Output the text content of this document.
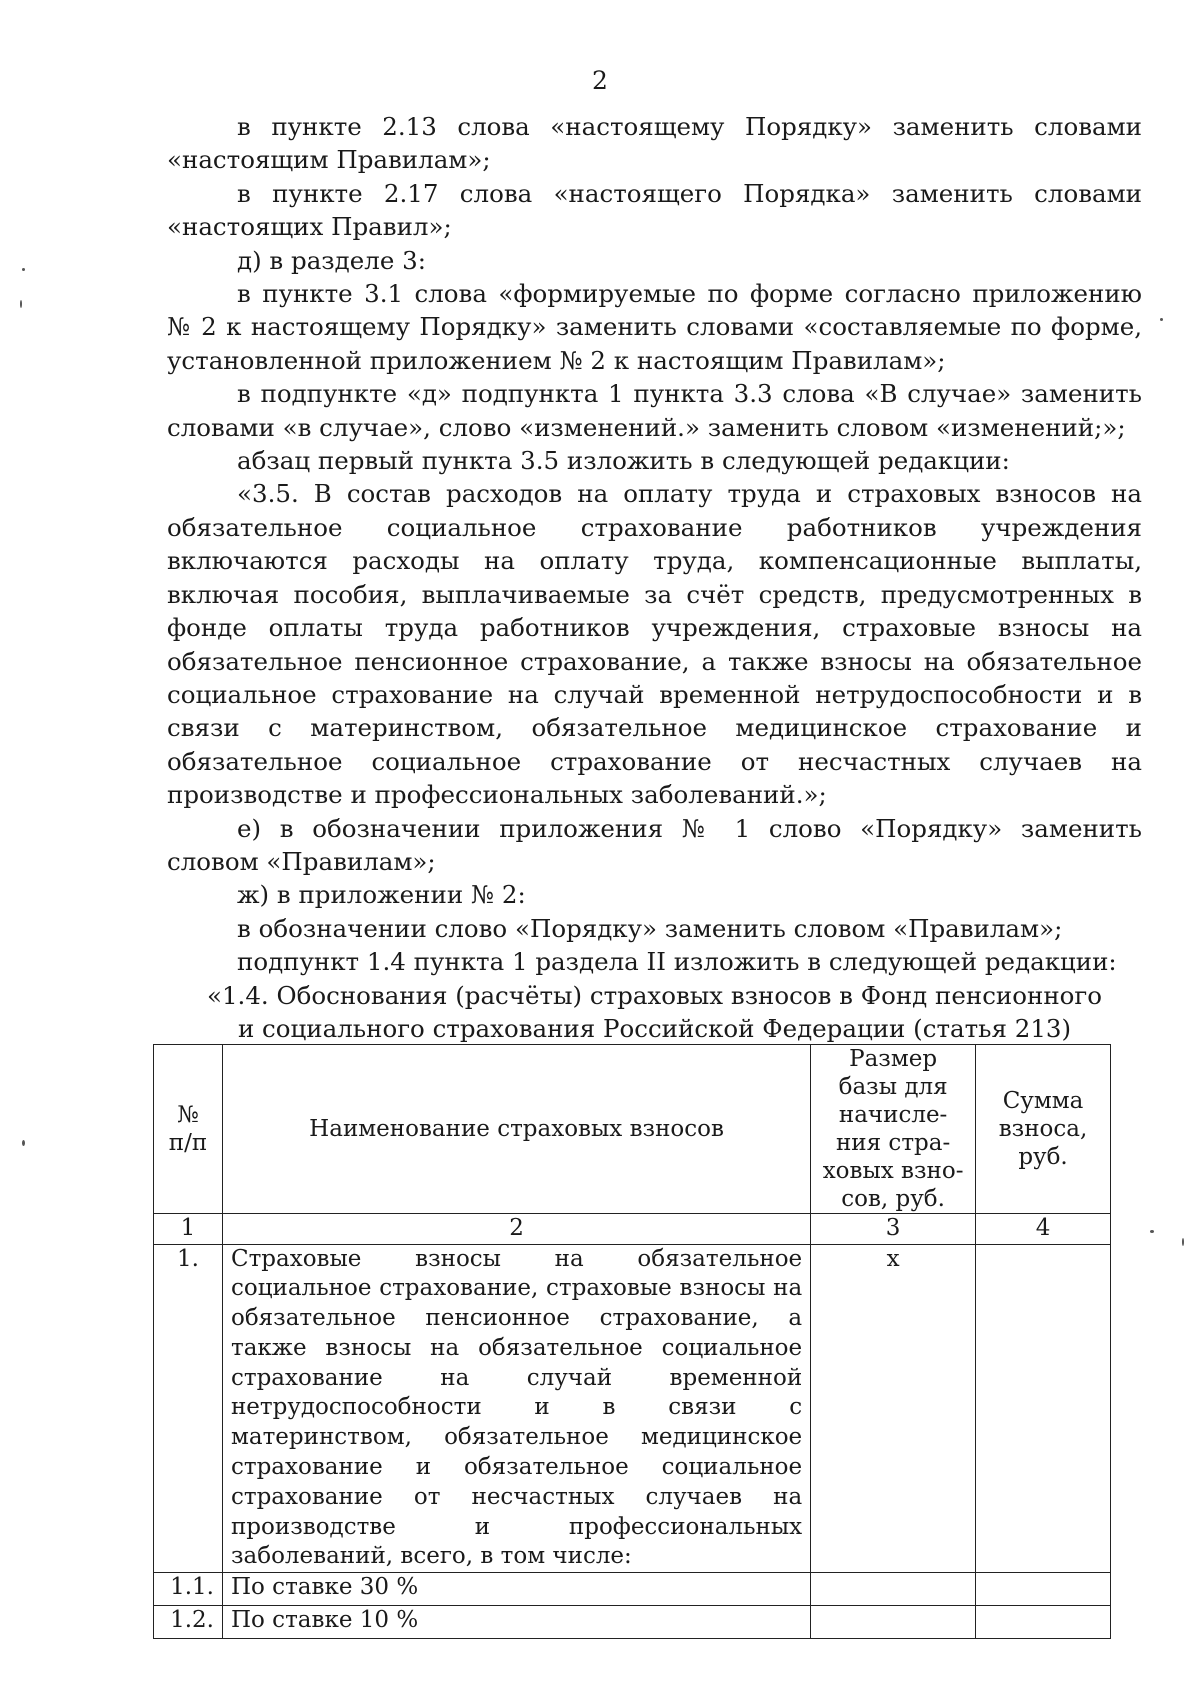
2

в пункте 2.13 слова «настоящему Порядку» заменить словами «настоящим Правилам»;

в пункте 2.17 слова «настоящего Порядка» заменить словами «настоящих Правил»;

д) в разделе 3:

в пункте 3.1 слова «формируемые по форме согласно приложению № 2 к настоящему Порядку» заменить словами «составляемые по форме, установленной приложением № 2 к настоящим Правилам»;

в подпункте «д» подпункта 1 пункта 3.3 слова «В случае» заменить словами «в случае», слово «изменений.» заменить словом «изменений;»;

абзац первый пункта 3.5 изложить в следующей редакции:

«3.5. В состав расходов на оплату труда и страховых взносов на обязательное социальное страхование работников учреждения включаются расходы на оплату труда, компенсационные выплаты, включая пособия, выплачиваемые за счёт средств, предусмотренных в фонде оплаты труда работников учреждения, страховые взносы на обязательное пенсионное страхование, а также взносы на обязательное социальное страхование на случай временной нетрудоспособности и в связи с материнством, обязательное медицинское страхование и обязательное социальное страхование от несчастных случаев на производстве и профессиональных заболеваний.»;

е) в обозначении приложения № 1 слово «Порядку» заменить словом «Правилам»;

ж) в приложении № 2:

в обозначении слово «Порядку» заменить словом «Правилам»;

подпункт 1.4 пункта 1 раздела II изложить в следующей редакции:

«1.4. Обоснования (расчёты) страховых взносов в Фонд пенсионного

и социального страхования Российской Федерации (статья 213)

№ п/п	Наименование страховых взносов	Размер базы для начисле-ния стра-ховых взно-сов, руб.	Сумма взноса, руб.
1	2	3	4
1.	Страховые взносы на обязательное социальное страхование, страховые взносы на обязательное пенсионное страхование, а также взносы на обязательное социальное страхование на случай временной нетрудоспособности и в связи с материнством, обязательное медицинское страхование и обязательное социальное страхование от несчастных случаев на производстве и профессиональных заболеваний, всего, в том числе:	x	
1.1.	По ставке 30 %		
1.2.	По ставке 10 %		
